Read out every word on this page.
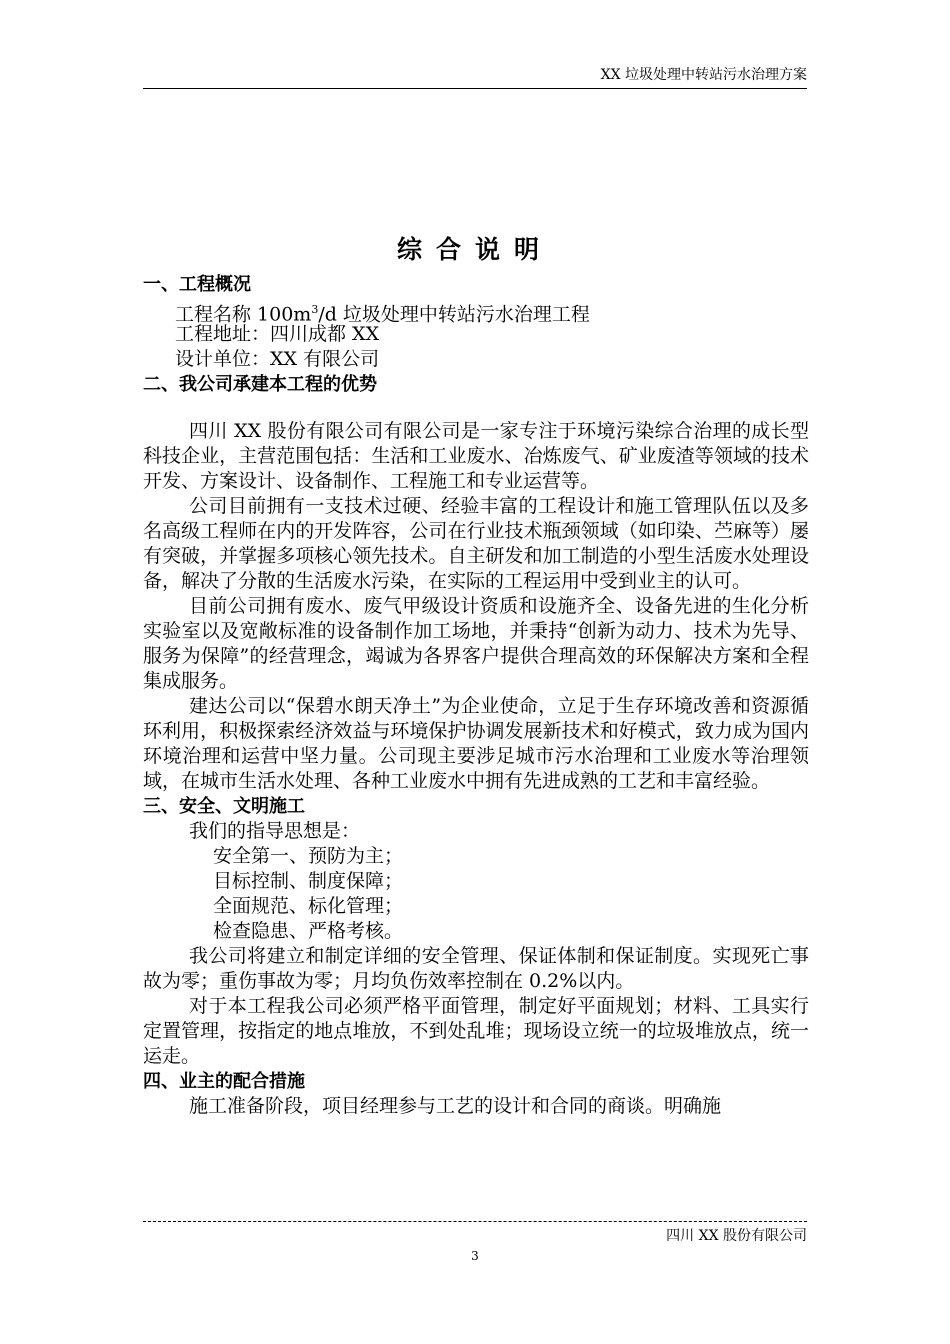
XX 垃圾处理中转站污水治理方案
综合说明
一、工程概况
工程名称 $100m^3/d$ 垃圾处理中转站污水治理工程
工程地址：四川成都 XX
设计单位：XX 有限公司
二、我公司承建本工程的优势

四川 XX 股份有限公司有限公司是一家专注于环境污染综合治理的成长型科技企业，主营范围包括：生活和工业废水、冶炼废气、矿业废渣等领域的技术开发、方案设计、设备制作、工程施工和专业运营等。

公司目前拥有一支技术过硬、经验丰富的工程设计和施工管理队伍以及多名高级工程师在内的开发阵容，公司在行业技术瓶颈领域（如印染、苎麻等）屡有突破，并掌握多项核心领先技术。自主研发和加工制造的小型生活废水处理设备，解决了分散的生活废水污染，在实际的工程运用中受到业主的认可。

目前公司拥有废水、废气甲级设计资质和设施齐全、设备先进的生化分析实验室以及宽敞标准的设备制作加工场地，并秉持“创新为动力、技术为先导、服务为保障”的经营理念，竭诚为各界客户提供合理高效的环保解决方案和全程集成服务。

建达公司以“保碧水朗天净土”为企业使命，立足于生存环境改善和资源循环利用，积极探索经济效益与环境保护协调发展新技术和好模式，致力成为国内环境治理和运营中坚力量。公司现主要涉足城市污水治理和工业废水等治理领域，在城市生活水处理、各种工业废水中拥有先进成熟的工艺和丰富经验。

三、安全、文明施工
我们的指导思想是：
安全第一、预防为主；
目标控制、制度保障；
全面规范、标化管理；
检查隐患、严格考核。

我公司将建立和制定详细的安全管理、保证体制和保证制度。实现死亡事故为零；重伤事故为零；月均负伤效率控制在 0.2%以内。

对于本工程我公司必须严格平面管理，制定好平面规划；材料、工具实行定置管理，按指定的地点堆放，不到处乱堆；现场设立统一的垃圾堆放点，统一运走。

四、业主的配合措施

施工准备阶段，项目经理参与工艺的设计和合同的商谈。明确施

四川 XX 股份有限公司
3
